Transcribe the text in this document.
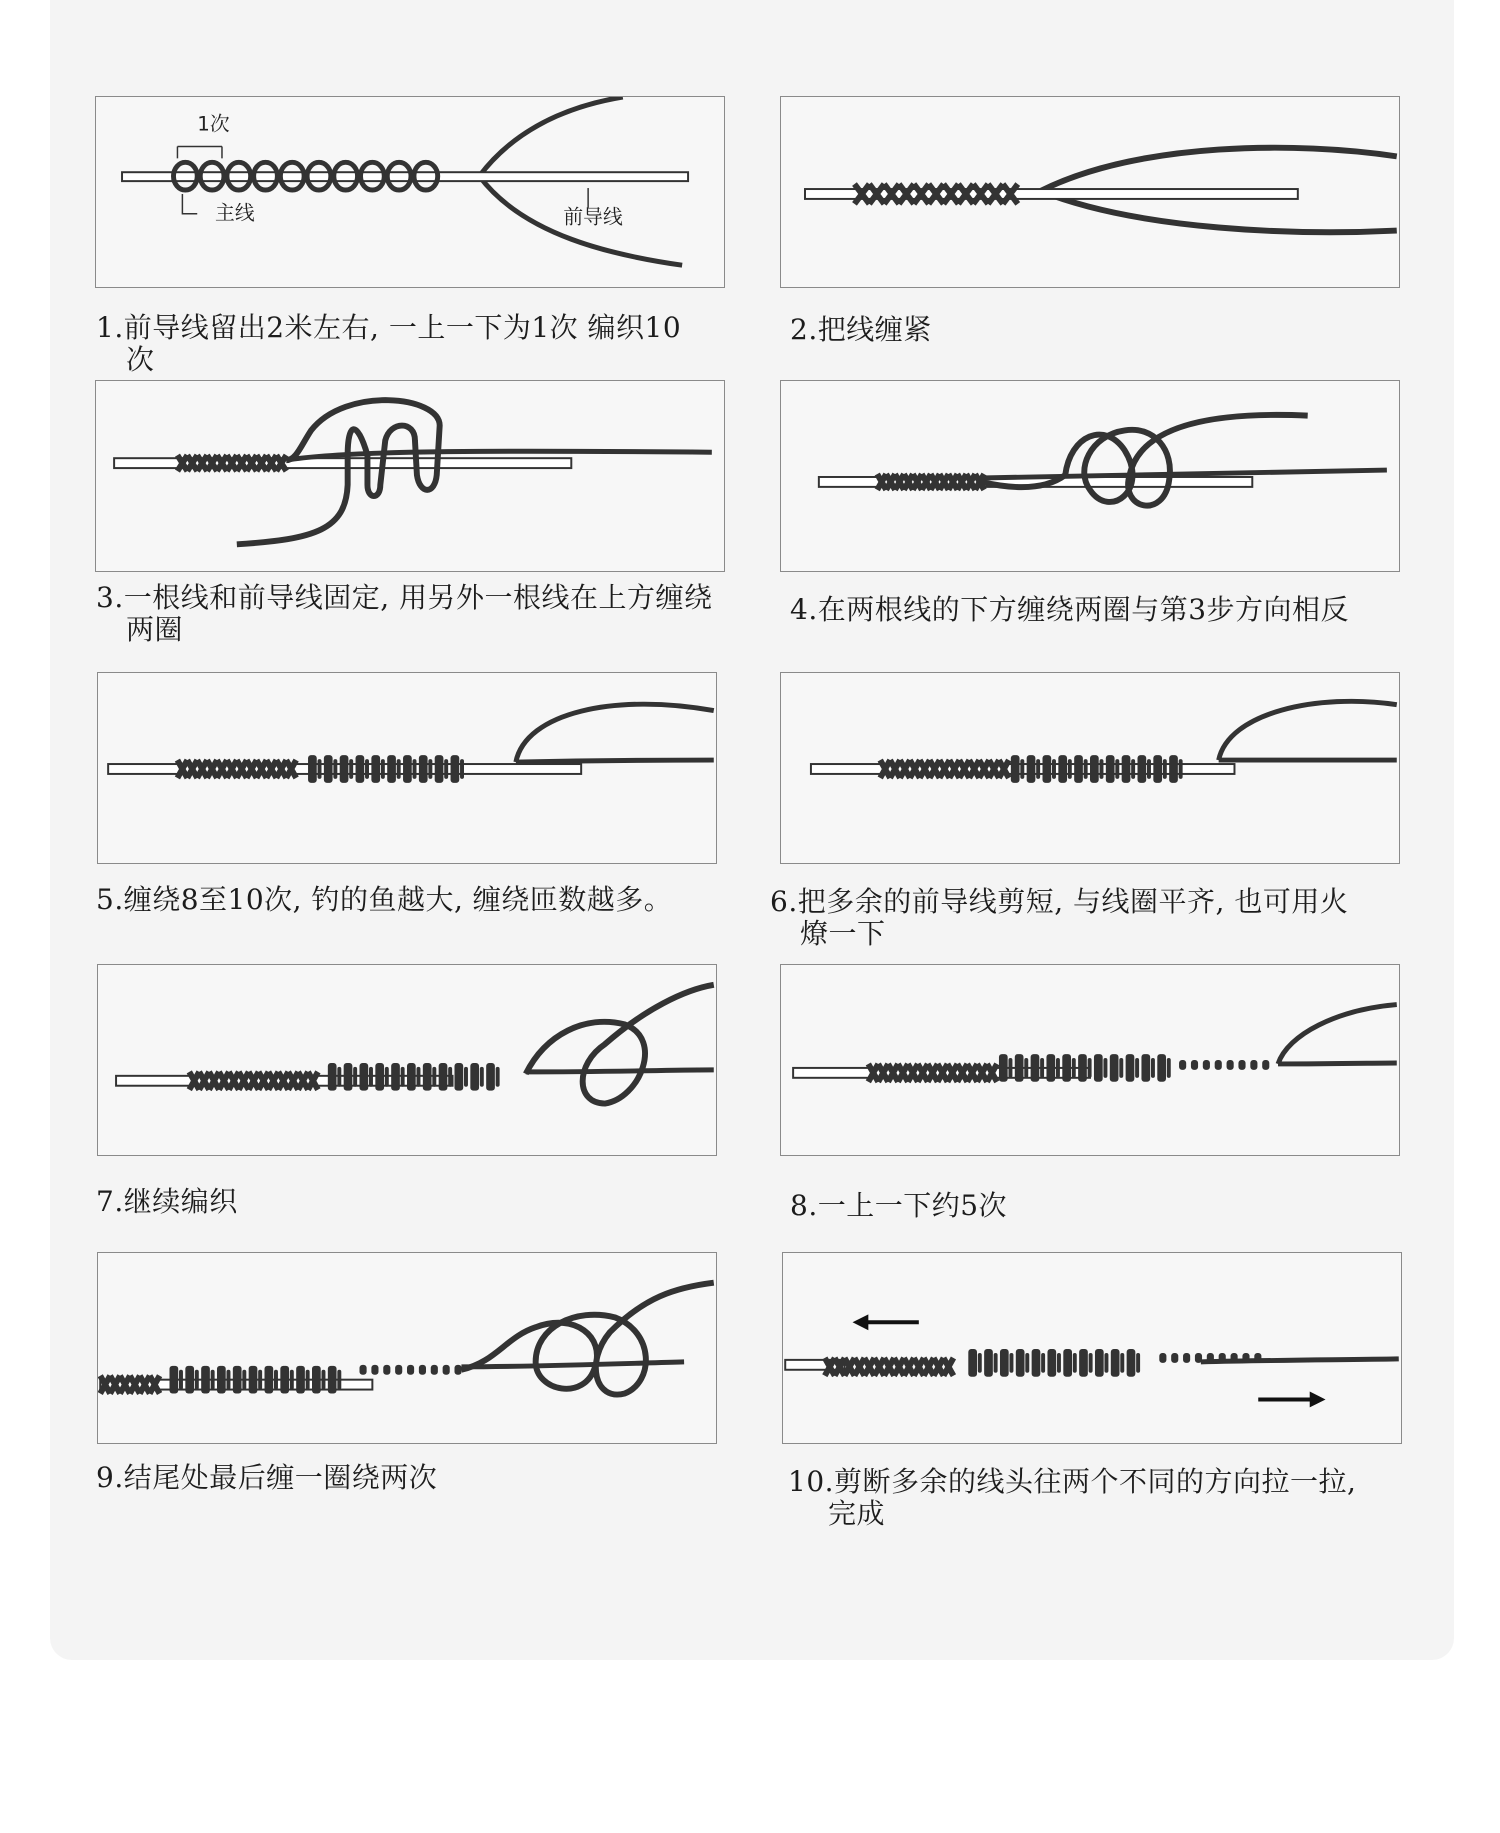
1次
主线	前导线
1.前导线留出2米左右, 一上一下为1次 编织10
次
2.把线缠紧
3.一根线和前导线固定, 用另外一根线在上方缠绕
两圈
4.在两根线的下方缠绕两圈与第3步方向相反
5.缠绕8至10次, 钓的鱼越大, 缠绕匝数越多。	6.把多余的前导线剪短, 与线圈平齐, 也可用火
燎一下
7.继续编织	8.一上一下约5次
9.结尾处最后缠一圈绕两次	10.剪断多余的线头往两个不同的方向拉一拉,
完成
